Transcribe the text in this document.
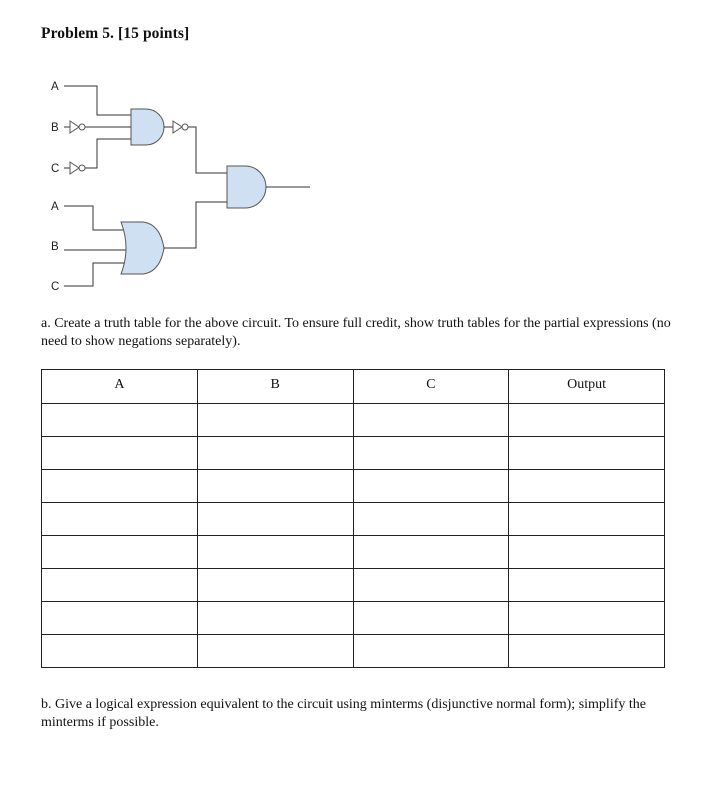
Problem 5. [15 points]
A
B
C
A
B
C
a. Create a truth table for the above circuit. To ensure full credit, show truth tables for the partial expressions (no need to show negations separately).
A	B	C	Output

b. Give a logical expression equivalent to the circuit using minterms (disjunctive normal form); simplify the minterms if possible.
